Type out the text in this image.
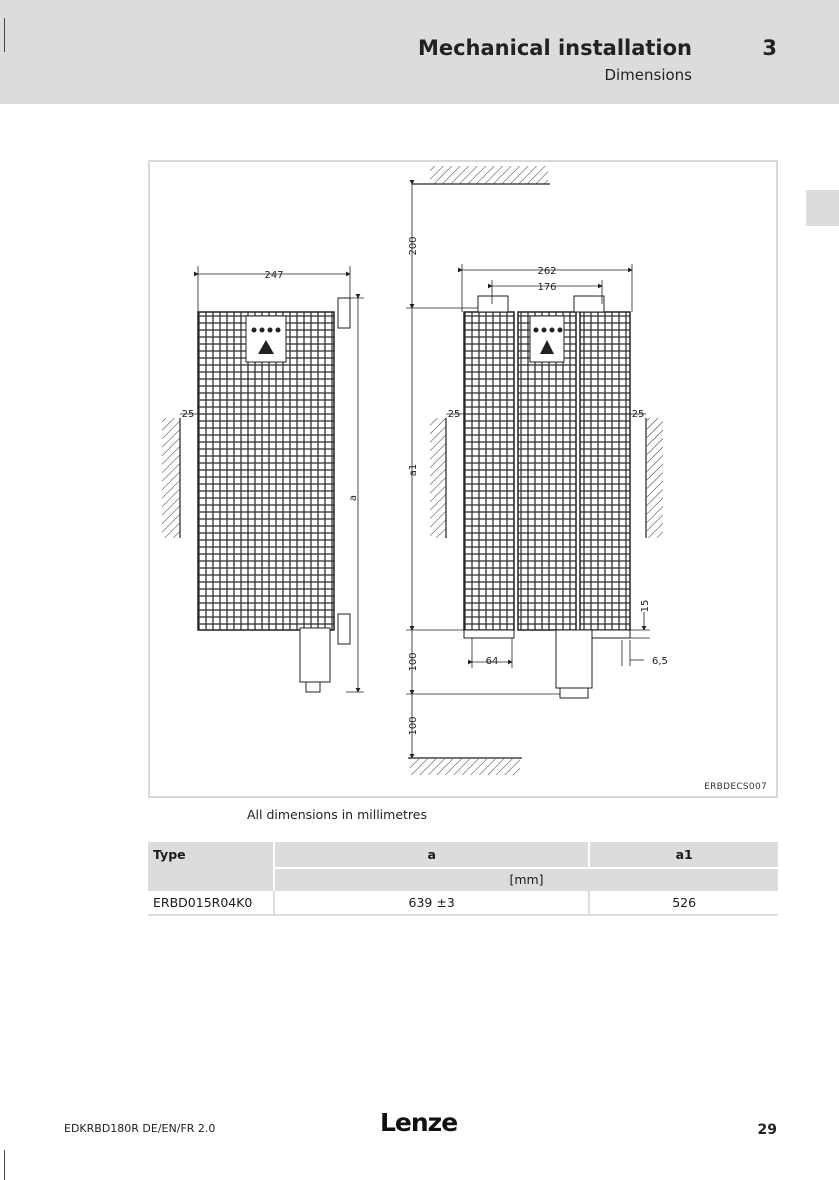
Mechanical installation	3
Dimensions
247	262
176
25	25	25
64	6,5
a
200
a1
100
100
15
ERBDECS007
All dimensions in millimetres
Type	a	a1
	[mm]	
ERBD015R04K0	639 ±3	526
EDKRBD180R DE/EN/FR 2.0	Lenze	29
